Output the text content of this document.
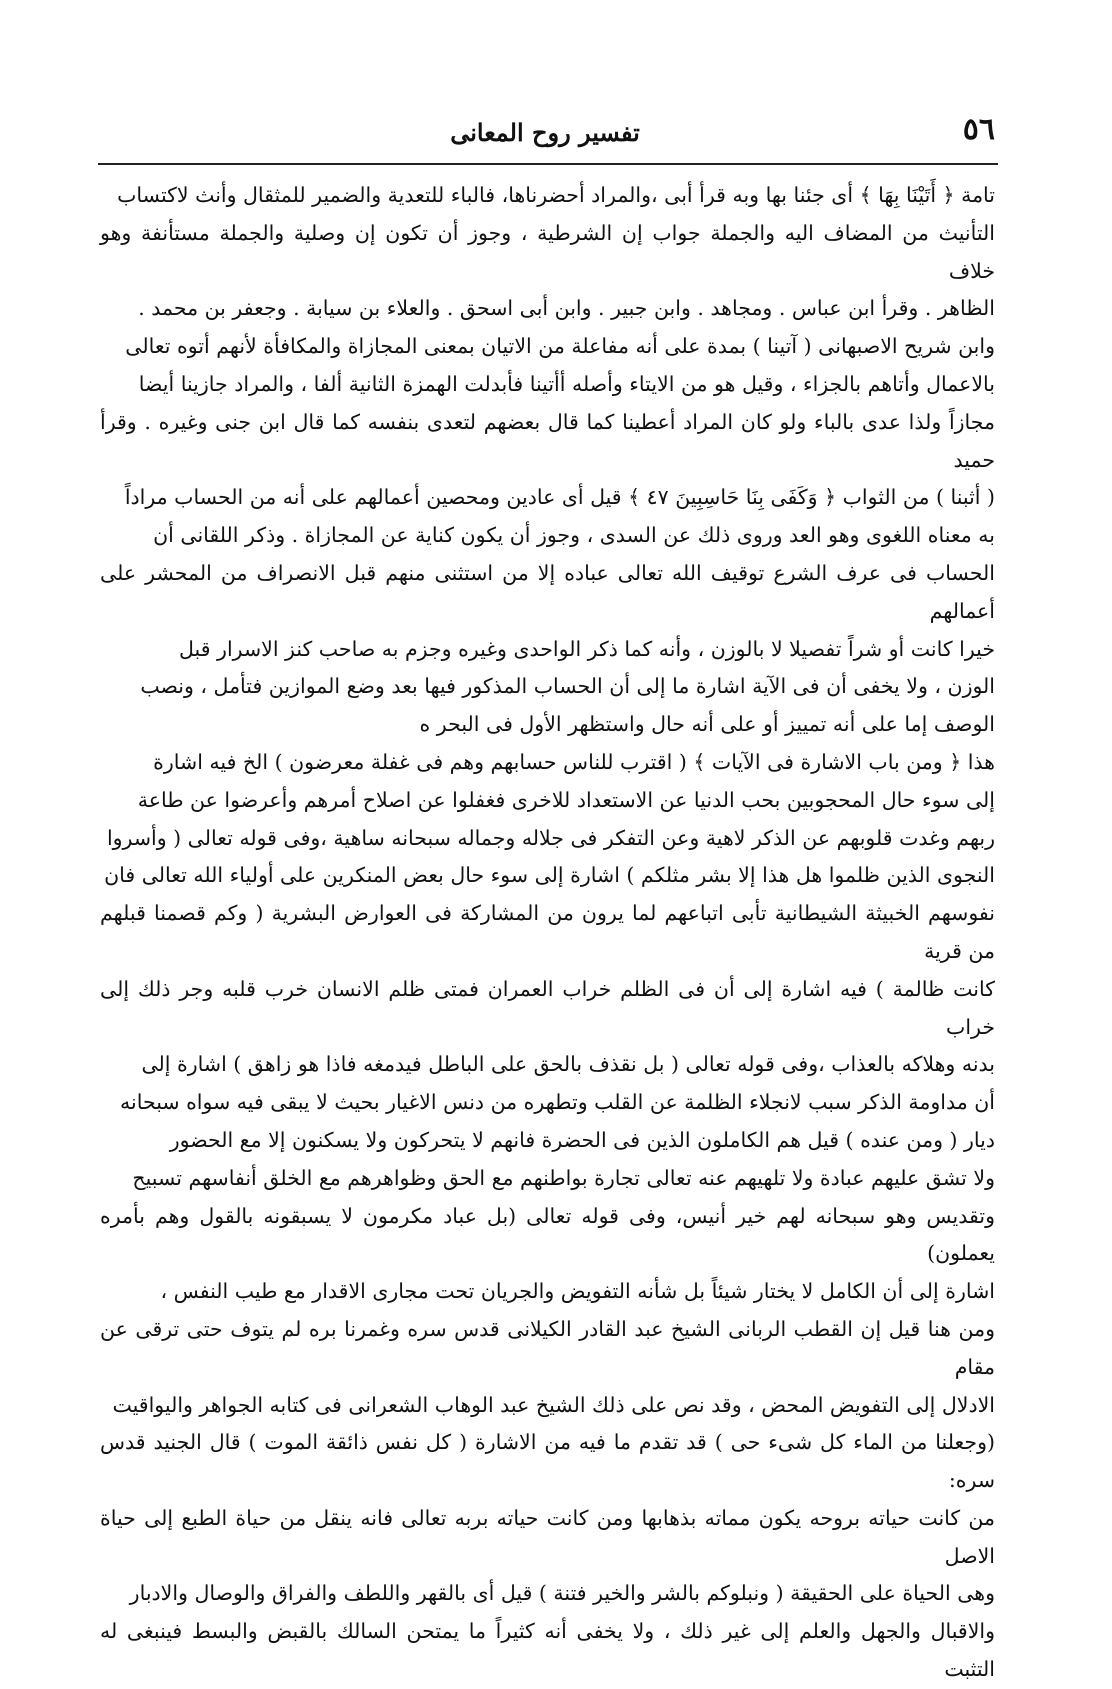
٥٦
تفسير روح المعانى
تامة ﴿ أَتَيْنَا بِهَا ﴾ أى جئنا بها وبه قرأ أبى ،والمراد أحضرناها، فالباء للتعدية والضمير للمثقال وأنث لاكتساب
التأنيث من المضاف اليه والجملة جواب إن الشرطية ، وجوز أن تكون إن وصلية والجملة مستأنفة وهو خلاف
الظاهر . وقرأ ابن عباس . ومجاهد . وابن جبير . وابن أبى اسحق . والعلاء بن سيابة . وجعفر بن محمد .
وابن شريح الاصبهانى ( آتينا ) بمدة على أنه مفاعلة من الاتيان بمعنى المجازاة والمكافأة لأنهم أتوه تعالى
بالاعمال وأتاهم بالجزاء ، وقيل هو من الايتاء وأصله أأتينا فأبدلت الهمزة الثانية ألفا ، والمراد جازينا أيضا
مجازاً ولذا عدى بالباء ولو كان المراد أعطينا كما قال بعضهم لتعدى بنفسه كما قال ابن جنى وغيره . وقرأ حميد
( أثبنا ) من الثواب ﴿ وَكَفَى بِنَا حَاسِبِينَ ٤٧ ﴾ قيل أى عادين ومحصين أعمالهم على أنه من الحساب مراداً
به معناه اللغوى وهو العد وروى ذلك عن السدى ، وجوز أن يكون كناية عن المجازاة . وذكر اللقانى أن
الحساب فى عرف الشرع توقيف الله تعالى عباده إلا من استثنى منهم قبل الانصراف من المحشر على أعمالهم
خيرا كانت أو شراً تفصيلا لا بالوزن ، وأنه كما ذكر الواحدى وغيره وجزم به صاحب كنز الاسرار قبل
الوزن ، ولا يخفى أن فى الآية اشارة ما إلى أن الحساب المذكور فيها بعد وضع الموازين فتأمل ، ونصب
الوصف إما على أنه تمييز أو على أنه حال واستظهر الأول فى البحر ه
هذا ﴿ ومن باب الاشارة فى الآيات ﴾ ( اقترب للناس حسابهم وهم فى غفلة معرضون ) الخ فيه اشارة
إلى سوء حال المحجوبين بحب الدنيا عن الاستعداد للاخرى فغفلوا عن اصلاح أمرهم وأعرضوا عن طاعة
ربهم وغدت قلوبهم عن الذكر لاهية وعن التفكر فى جلاله وجماله سبحانه ساهية ،وفى قوله تعالى ( وأسروا
النجوى الذين ظلموا هل هذا إلا بشر مثلكم ) اشارة إلى سوء حال بعض المنكرين على أولياء الله تعالى فان
نفوسهم الخبيثة الشيطانية تأبى اتباعهم لما يرون من المشاركة فى العوارض البشرية ( وكم قصمنا قبلهم من قرية
كانت ظالمة ) فيه اشارة إلى أن فى الظلم خراب العمران فمتى ظلم الانسان خرب قلبه وجر ذلك إلى خراب
بدنه وهلاكه بالعذاب ،وفى قوله تعالى ( بل نقذف بالحق على الباطل فيدمغه فاذا هو زاهق ) اشارة إلى
أن مداومة الذكر سبب لانجلاء الظلمة عن القلب وتطهره من دنس الاغيار بحيث لا يبقى فيه سواه سبحانه
ديار ( ومن عنده ) قيل هم الكاملون الذين فى الحضرة فانهم لا يتحركون ولا يسكنون إلا مع الحضور
ولا تشق عليهم عبادة ولا تلهيهم عنه تعالى تجارة بواطنهم مع الحق وظواهرهم مع الخلق أنفاسهم تسبيح
وتقديس وهو سبحانه لهم خير أنيس، وفى قوله تعالى (بل عباد مكرمون لا يسبقونه بالقول وهم بأمره يعملون)
اشارة إلى أن الكامل لا يختار شيئاً بل شأنه التفويض والجريان تحت مجارى الاقدار مع طيب النفس ،
ومن هنا قيل إن القطب الربانى الشيخ عبد القادر الكيلانى قدس سره وغمرنا بره لم يتوف حتى ترقى عن مقام
الادلال إلى التفويض المحض ، وقد نص على ذلك الشيخ عبد الوهاب الشعرانى فى كتابه الجواهر واليواقيت
(وجعلنا من الماء كل شىء حى ) قد تقدم ما فيه من الاشارة ( كل نفس ذائقة الموت ) قال الجنيد قدس سره:
من كانت حياته بروحه يكون مماته بذهابها ومن كانت حياته بربه تعالى فانه ينقل من حياة الطبع إلى حياة الاصل
وهى الحياة على الحقيقة ( ونبلوكم بالشر والخير فتنة ) قيل أى بالقهر واللطف والفراق والوصال والادبار
والاقبال والجهل والعلم إلى غير ذلك ، ولا يخفى أنه كثيراً ما يمتحن السالك بالقبض والبسط فينبغى له التثبت
